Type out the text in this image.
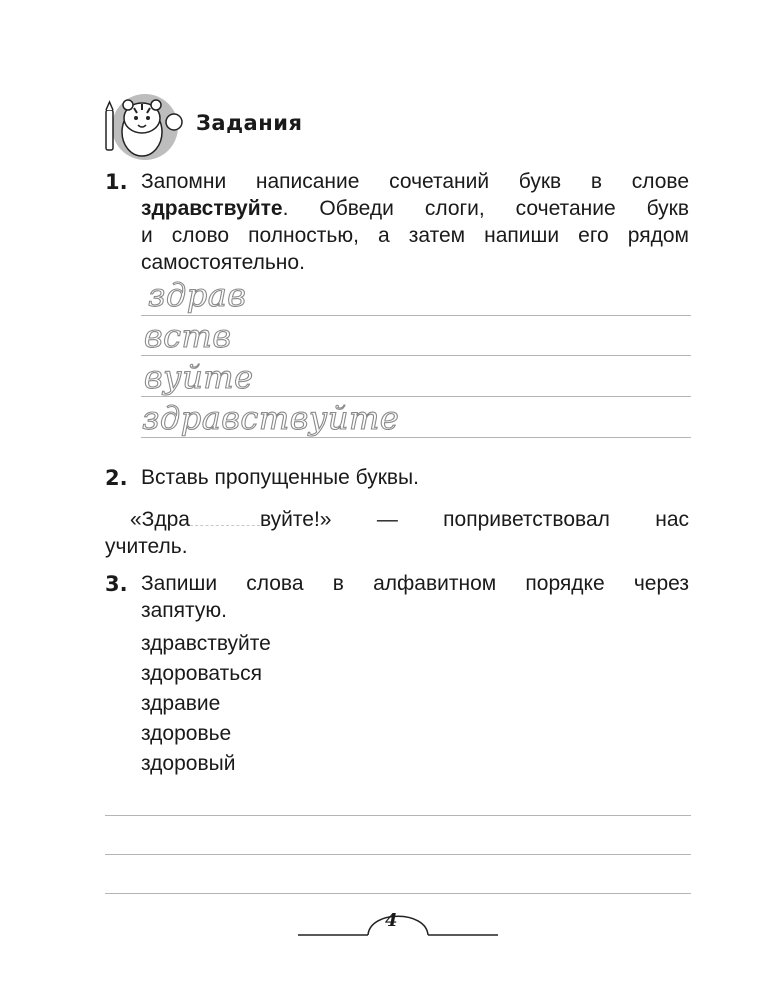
Задания
1. Запомни написание сочетаний букв в слове
здравствуйте. Обведи слоги, сочетание букв
и слово полностью, а затем напиши его рядом
самостоятельно.
здрав
вств
вуйте
здравствуйте
2. Вставь пропущенные буквы.
«Здра	вуйте!» — поприветствовал нас
учитель.
3. Запиши слова в алфавитном порядке через
запятую.
здравствуйте
здороваться
здравие
здоровье
здоровый
4
